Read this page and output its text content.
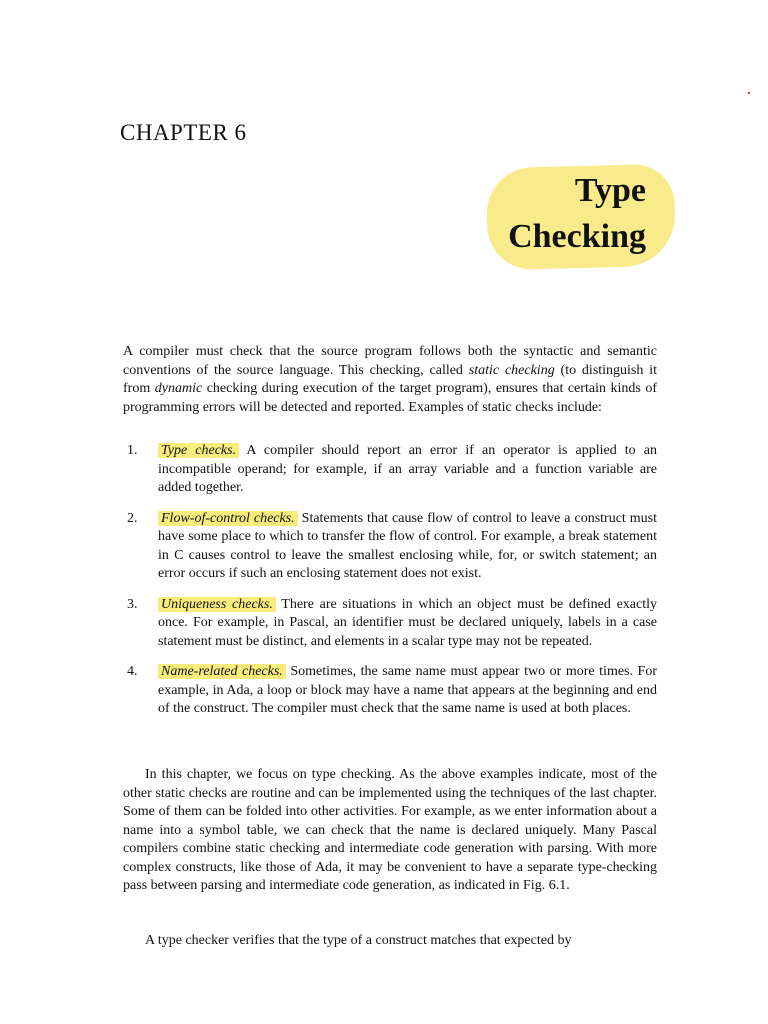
CHAPTER 6
Type
Checking
A compiler must check that the source program follows both the syntactic and semantic conventions of the source language. This checking, called static checking (to distinguish it from dynamic checking during execution of the target program), ensures that certain kinds of programming errors will be detected and reported. Examples of static checks include:
1. Type checks. A compiler should report an error if an operator is applied to an incompatible operand; for example, if an array variable and a function variable are added together.
2. Flow-of-control checks. Statements that cause flow of control to leave a construct must have some place to which to transfer the flow of control. For example, a break statement in C causes control to leave the smallest enclosing while, for, or switch statement; an error occurs if such an enclosing statement does not exist.
3. Uniqueness checks. There are situations in which an object must be defined exactly once. For example, in Pascal, an identifier must be declared uniquely, labels in a case statement must be distinct, and elements in a scalar type may not be repeated.
4. Name-related checks. Sometimes, the same name must appear two or more times. For example, in Ada, a loop or block may have a name that appears at the beginning and end of the construct. The compiler must check that the same name is used at both places.
In this chapter, we focus on type checking. As the above examples indicate, most of the other static checks are routine and can be implemented using the techniques of the last chapter. Some of them can be folded into other activities. For example, as we enter information about a name into a symbol table, we can check that the name is declared uniquely. Many Pascal compilers combine static checking and intermediate code generation with parsing. With more complex constructs, like those of Ada, it may be convenient to have a separate type-checking pass between parsing and intermediate code generation, as indicated in Fig. 6.1.
A type checker verifies that the type of a construct matches that expected by
